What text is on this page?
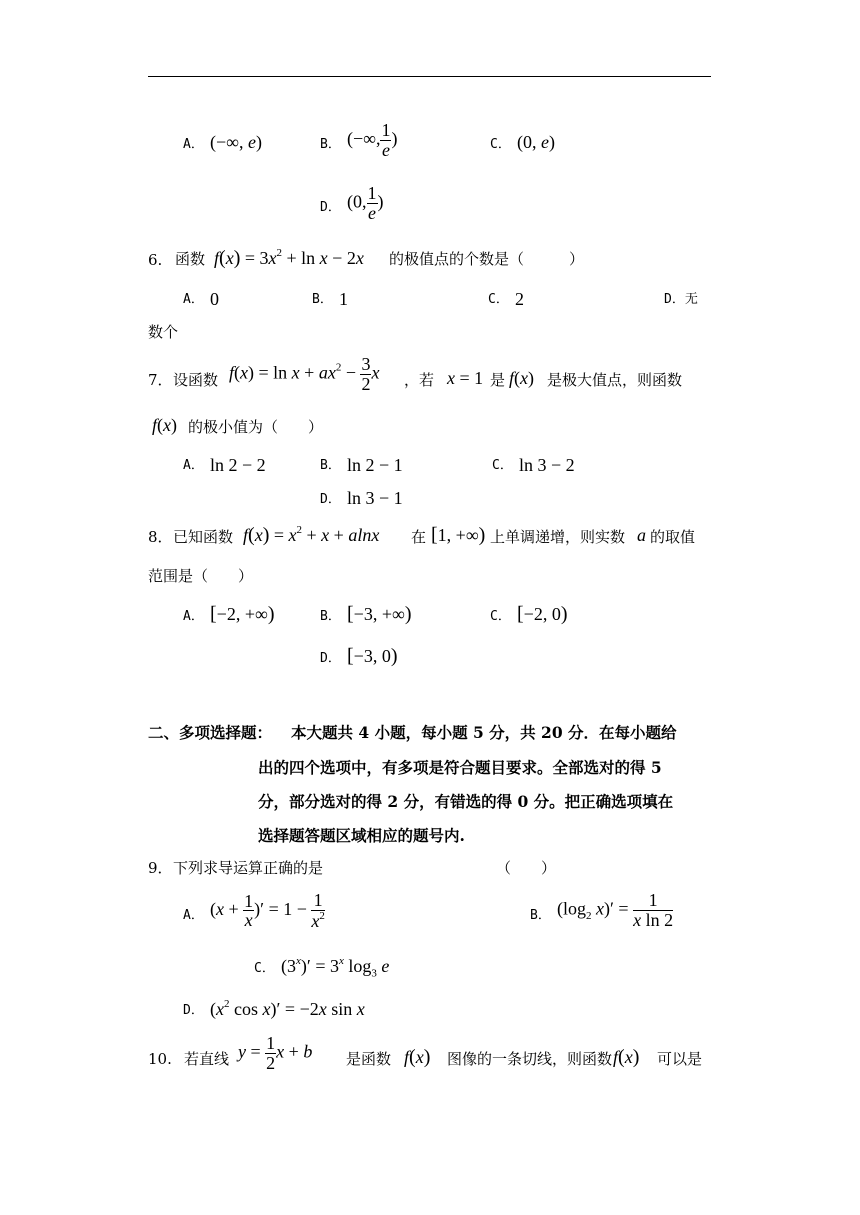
A． (−∞, e)	B． (−∞, $\frac{1}{e}$ )	C． (0, e)
D． (0, $\frac{1}{e}$ )
6. 函数 $f(x) = 3x^2 + \ln x - 2x$ 的极值点的个数是（　　　）
A． 0	B． 1	C． 2	D．无
数个
7． 设函数 $f(x) = \ln x + ax^2 - \frac{3}{2}$ x ，若 x = 1 是 f(x) 是极大值点，则函数
f(x) 的极小值为（　　）
A． ln 2 − 2	B． ln 2 − 1	C． ln 3 − 2
D． ln 3 − 1
8． 已知函数 $f(x) = x^2 + x + alnx$ 在 [1, +∞) 上单调递增，则实数 a 的取值
范围是（　　）
A． [−2, +∞)	B． [−3, +∞)	C． [−2, 0)
D． [−3, 0)
二、多项选择题： 本大题共 4 小题，每小题 5 分，共 20 分．在每小题给
出的四个选项中，有多项是符合题目要求。全部选对的得 5
分，部分选对的得 2 分，有错选的得 0 分。把正确选项填在
选择题答题区域相应的题号内.
9． 下列求导运算正确的是	（　　）
A． ($x + \frac{1}{x}$ )′ = $1 - \frac{1}{x^2}$	B． ($\log_2$ $x)' = \frac{1}{\text{x ln 2}}$
C． $(3^x)' = 3^x$ $\log_3 e$
D． ($x^2$ cos x)′ = −2x sin x
10. 若直线 $y = \frac{1}{2}$ x + b 是函数 f(x) 图像的一条切线，则函数 f(x) 可以是
